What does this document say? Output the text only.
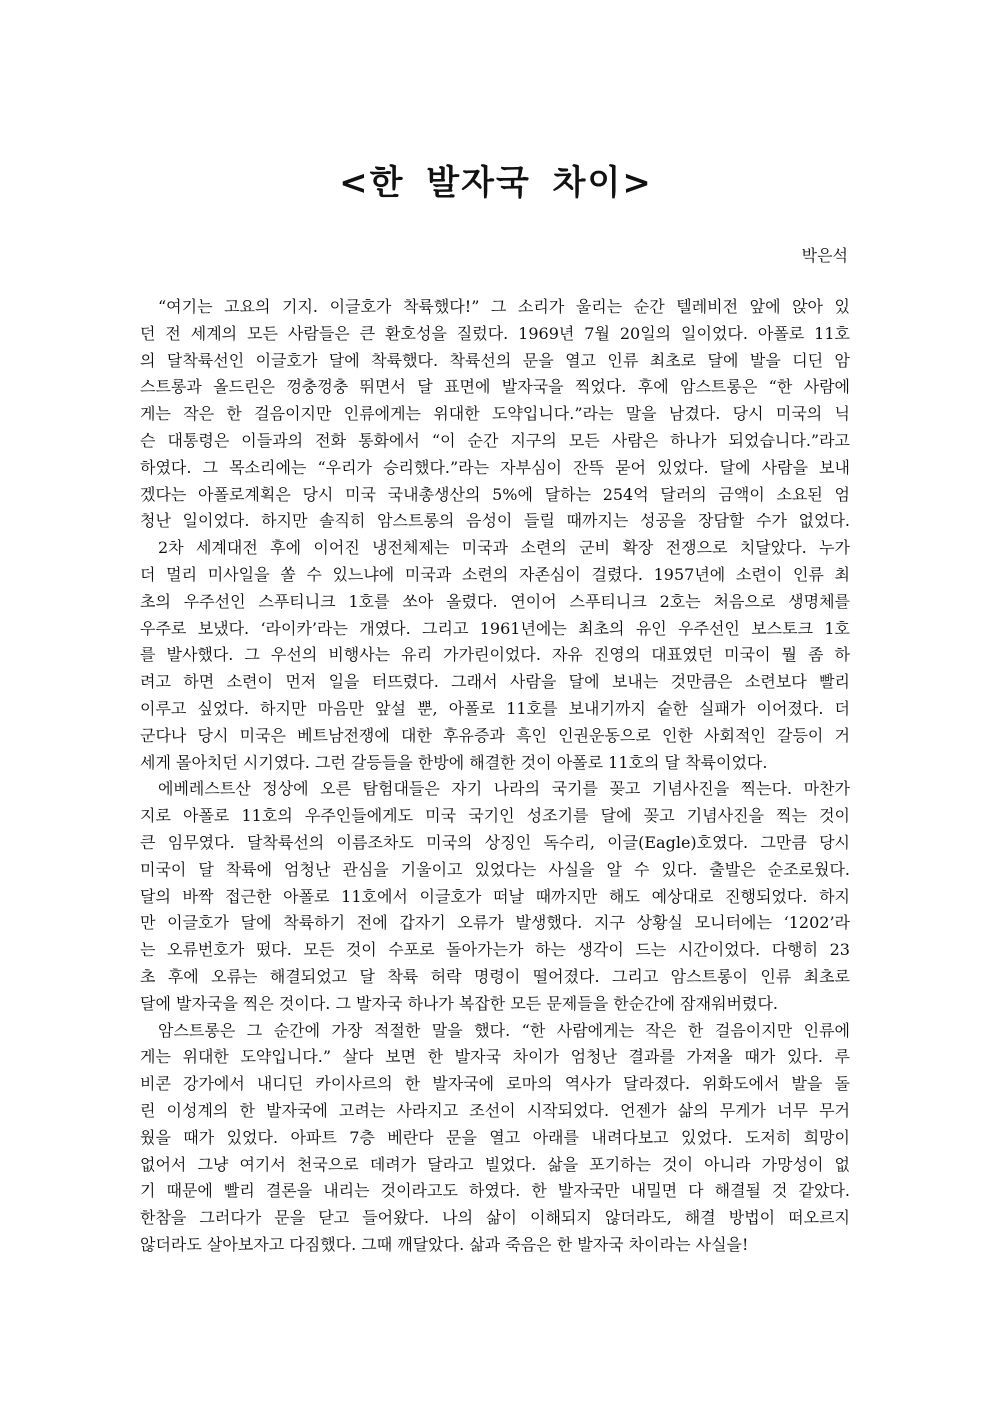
<한 발자국 차이>
박은석
“여기는 고요의 기지. 이글호가 착륙했다!” 그 소리가 울리는 순간 텔레비전 앞에 앉아 있
던 전 세계의 모든 사람들은 큰 환호성을 질렀다. 1969년 7월 20일의 일이었다. 아폴로 11호
의 달착륙선인 이글호가 달에 착륙했다. 착륙선의 문을 열고 인류 최초로 달에 발을 디딘 암
스트롱과 올드린은 껑충껑충 뛰면서 달 표면에 발자국을 찍었다. 후에 암스트롱은 “한 사람에
게는 작은 한 걸음이지만 인류에게는 위대한 도약입니다.”라는 말을 남겼다. 당시 미국의 닉
슨 대통령은 이들과의 전화 통화에서 “이 순간 지구의 모든 사람은 하나가 되었습니다.”라고
하였다. 그 목소리에는 “우리가 승리했다.”라는 자부심이 잔뜩 묻어 있었다. 달에 사람을 보내
겠다는 아폴로계획은 당시 미국 국내총생산의 5%에 달하는 254억 달러의 금액이 소요된 엄
청난 일이었다. 하지만 솔직히 암스트롱의 음성이 들릴 때까지는 성공을 장담할 수가 없었다.
2차 세계대전 후에 이어진 냉전체제는 미국과 소련의 군비 확장 전쟁으로 치달았다. 누가
더 멀리 미사일을 쏠 수 있느냐에 미국과 소련의 자존심이 걸렸다. 1957년에 소련이 인류 최
초의 우주선인 스푸티니크 1호를 쏘아 올렸다. 연이어 스푸티니크 2호는 처음으로 생명체를
우주로 보냈다. ‘라이카’라는 개였다. 그리고 1961년에는 최초의 유인 우주선인 보스토크 1호
를 발사했다. 그 우선의 비행사는 유리 가가린이었다. 자유 진영의 대표였던 미국이 뭘 좀 하
려고 하면 소련이 먼저 일을 터뜨렸다. 그래서 사람을 달에 보내는 것만큼은 소련보다 빨리
이루고 싶었다. 하지만 마음만 앞설 뿐, 아폴로 11호를 보내기까지 숱한 실패가 이어졌다. 더
군다나 당시 미국은 베트남전쟁에 대한 후유증과 흑인 인권운동으로 인한 사회적인 갈등이 거
세게 몰아치던 시기였다. 그런 갈등들을 한방에 해결한 것이 아폴로 11호의 달 착륙이었다.
에베레스트산 정상에 오른 탐험대들은 자기 나라의 국기를 꽂고 기념사진을 찍는다. 마찬가
지로 아폴로 11호의 우주인들에게도 미국 국기인 성조기를 달에 꽂고 기념사진을 찍는 것이
큰 임무였다. 달착륙선의 이름조차도 미국의 상징인 독수리, 이글(Eagle)호였다. 그만큼 당시
미국이 달 착륙에 엄청난 관심을 기울이고 있었다는 사실을 알 수 있다. 출발은 순조로웠다.
달의 바짝 접근한 아폴로 11호에서 이글호가 떠날 때까지만 해도 예상대로 진행되었다. 하지
만 이글호가 달에 착륙하기 전에 갑자기 오류가 발생했다. 지구 상황실 모니터에는 ‘1202’라
는 오류번호가 떴다. 모든 것이 수포로 돌아가는가 하는 생각이 드는 시간이었다. 다행히 23
초 후에 오류는 해결되었고 달 착륙 허락 명령이 떨어졌다. 그리고 암스트롱이 인류 최초로
달에 발자국을 찍은 것이다. 그 발자국 하나가 복잡한 모든 문제들을 한순간에 잠재워버렸다.
암스트롱은 그 순간에 가장 적절한 말을 했다. “한 사람에게는 작은 한 걸음이지만 인류에
게는 위대한 도약입니다.” 살다 보면 한 발자국 차이가 엄청난 결과를 가져올 때가 있다. 루
비콘 강가에서 내디딘 카이사르의 한 발자국에 로마의 역사가 달라졌다. 위화도에서 발을 돌
린 이성계의 한 발자국에 고려는 사라지고 조선이 시작되었다. 언젠가 삶의 무게가 너무 무거
웠을 때가 있었다. 아파트 7층 베란다 문을 열고 아래를 내려다보고 있었다. 도저히 희망이
없어서 그냥 여기서 천국으로 데려가 달라고 빌었다. 삶을 포기하는 것이 아니라 가망성이 없
기 때문에 빨리 결론을 내리는 것이라고도 하였다. 한 발자국만 내밀면 다 해결될 것 같았다.
한참을 그러다가 문을 닫고 들어왔다. 나의 삶이 이해되지 않더라도, 해결 방법이 떠오르지
않더라도 살아보자고 다짐했다. 그때 깨달았다. 삶과 죽음은 한 발자국 차이라는 사실을!
